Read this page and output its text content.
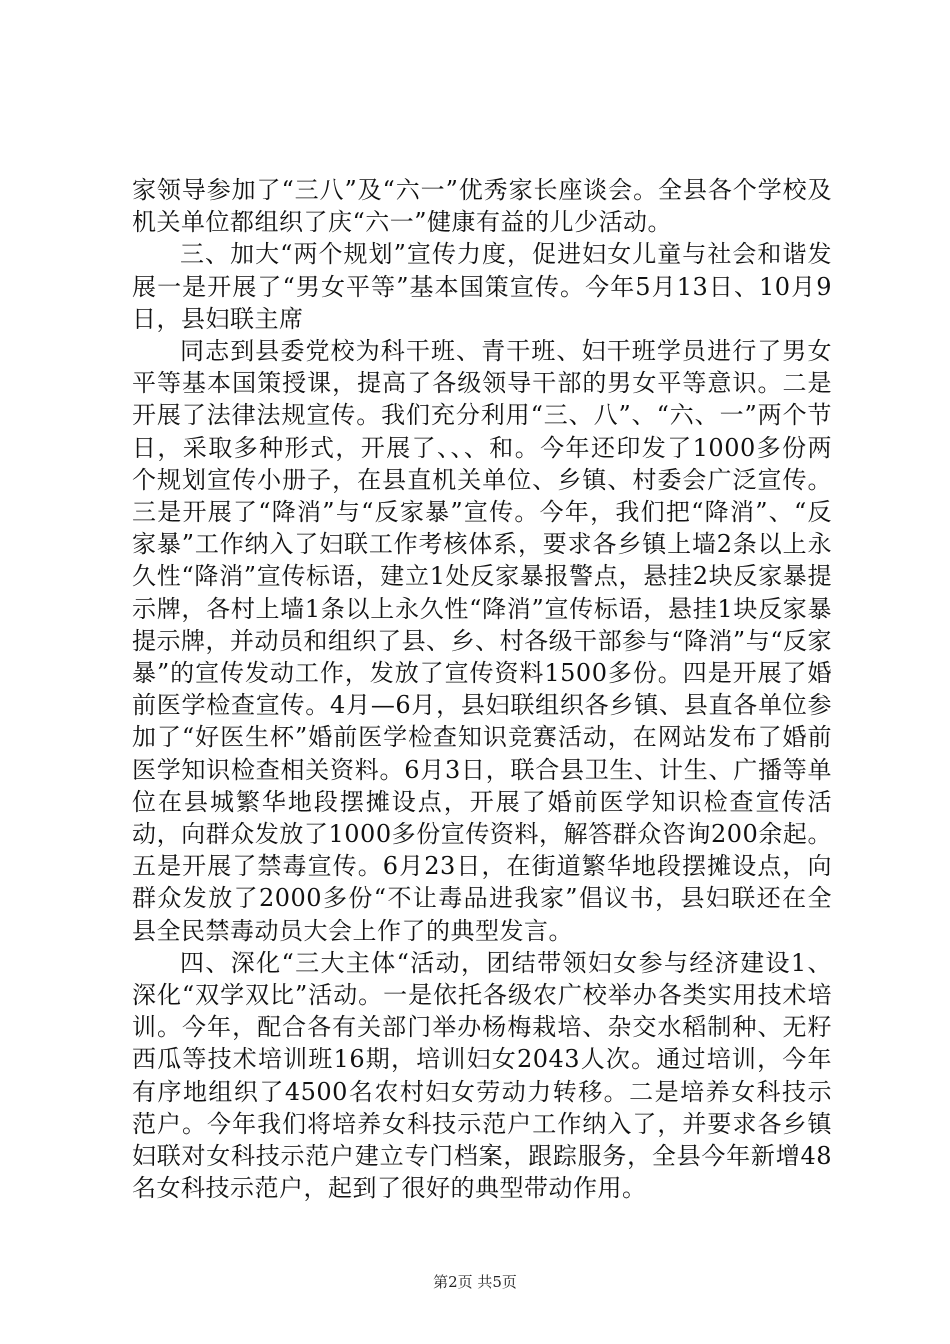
家领导参加了“三八”及“六一”优秀家长座谈会。全县各个学校及机关单位都组织了庆“六一”健康有益的儿少活动。

三、加大“两个规划”宣传力度，促进妇女儿童与社会和谐发展一是开展了“男女平等”基本国策宣传。今年5月13日、10月9日，县妇联主席

同志到县委党校为科干班、青干班、妇干班学员进行了男女平等基本国策授课，提高了各级领导干部的男女平等意识。二是开展了法律法规宣传。我们充分利用“三、八”、“六、一”两个节日，采取多种形式，开展了、、、和。今年还印发了1000多份两个规划宣传小册子，在县直机关单位、乡镇、村委会广泛宣传。三是开展了“降消”与“反家暴”宣传。今年，我们把“降消”、“反家暴”工作纳入了妇联工作考核体系，要求各乡镇上墙2条以上永久性“降消”宣传标语，建立1处反家暴报警点，悬挂2块反家暴提示牌，各村上墙1条以上永久性“降消”宣传标语，悬挂1块反家暴提示牌，并动员和组织了县、乡、村各级干部参与“降消”与“反家暴”的宣传发动工作，发放了宣传资料1500多份。四是开展了婚前医学检查宣传。4月—6月，县妇联组织各乡镇、县直各单位参加了“好医生杯”婚前医学检查知识竞赛活动，在网站发布了婚前医学知识检查相关资料。6月3日，联合县卫生、计生、广播等单位在县城繁华地段摆摊设点，开展了婚前医学知识检查宣传活动，向群众发放了1000多份宣传资料，解答群众咨询200余起。五是开展了禁毒宣传。6月23日，在街道繁华地段摆摊设点，向群众发放了2000多份“不让毒品进我家”倡议书，县妇联还在全县全民禁毒动员大会上作了的典型发言。

四、深化“三大主体“活动，团结带领妇女参与经济建设1、深化“双学双比”活动。一是依托各级农广校举办各类实用技术培训。今年，配合各有关部门举办杨梅栽培、杂交水稻制种、无籽西瓜等技术培训班16期，培训妇女2043人次。通过培训，今年有序地组织了4500名农村妇女劳动力转移。二是培养女科技示范户。今年我们将培养女科技示范户工作纳入了，并要求各乡镇妇联对女科技示范户建立专门档案，跟踪服务，全县今年新增48名女科技示范户，起到了很好的典型带动作用。

第2页 共5页
